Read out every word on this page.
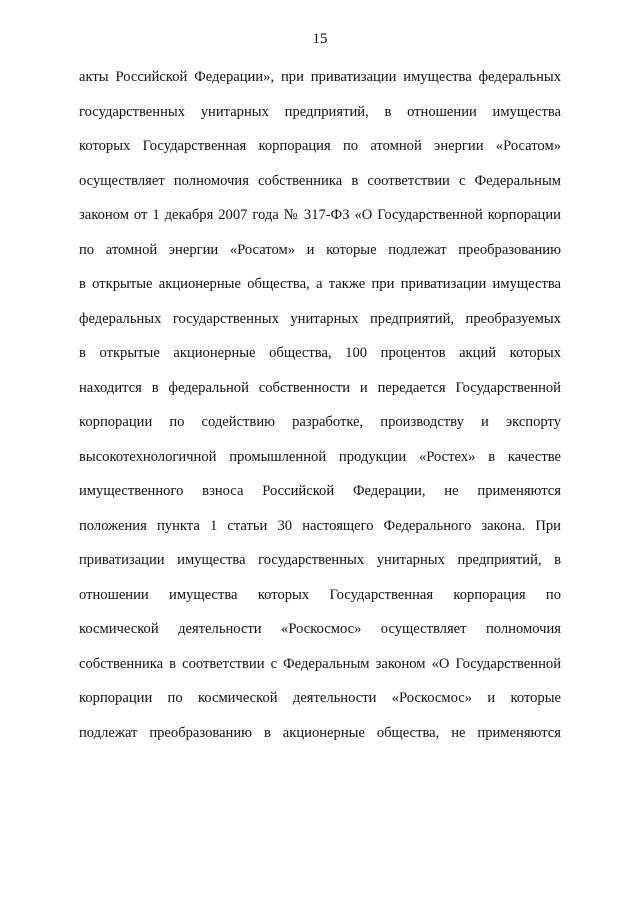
15
акты Российской Федерации», при приватизации имущества федеральных
государственных унитарных предприятий, в отношении имущества
которых Государственная корпорация по атомной энергии «Росатом»
осуществляет полномочия собственника в соответствии с Федеральным
законом от 1 декабря 2007 года № 317-ФЗ «О Государственной корпорации
по атомной энергии «Росатом» и которые подлежат преобразованию
в открытые акционерные общества, а также при приватизации имущества
федеральных государственных унитарных предприятий, преобразуемых
в открытые акционерные общества, 100 процентов акций которых
находится в федеральной собственности и передается Государственной
корпорации по содействию разработке, производству и экспорту
высокотехнологичной промышленной продукции «Ростех» в качестве
имущественного взноса Российской Федерации, не применяются
положения пункта 1 статьи 30 настоящего Федерального закона. При
приватизации имущества государственных унитарных предприятий, в
отношении имущества которых Государственная корпорация по
космической деятельности «Роскосмос» осуществляет полномочия
собственника в соответствии с Федеральным законом «О Государственной
корпорации по космической деятельности «Роскосмос» и которые
подлежат преобразованию в акционерные общества, не применяются
